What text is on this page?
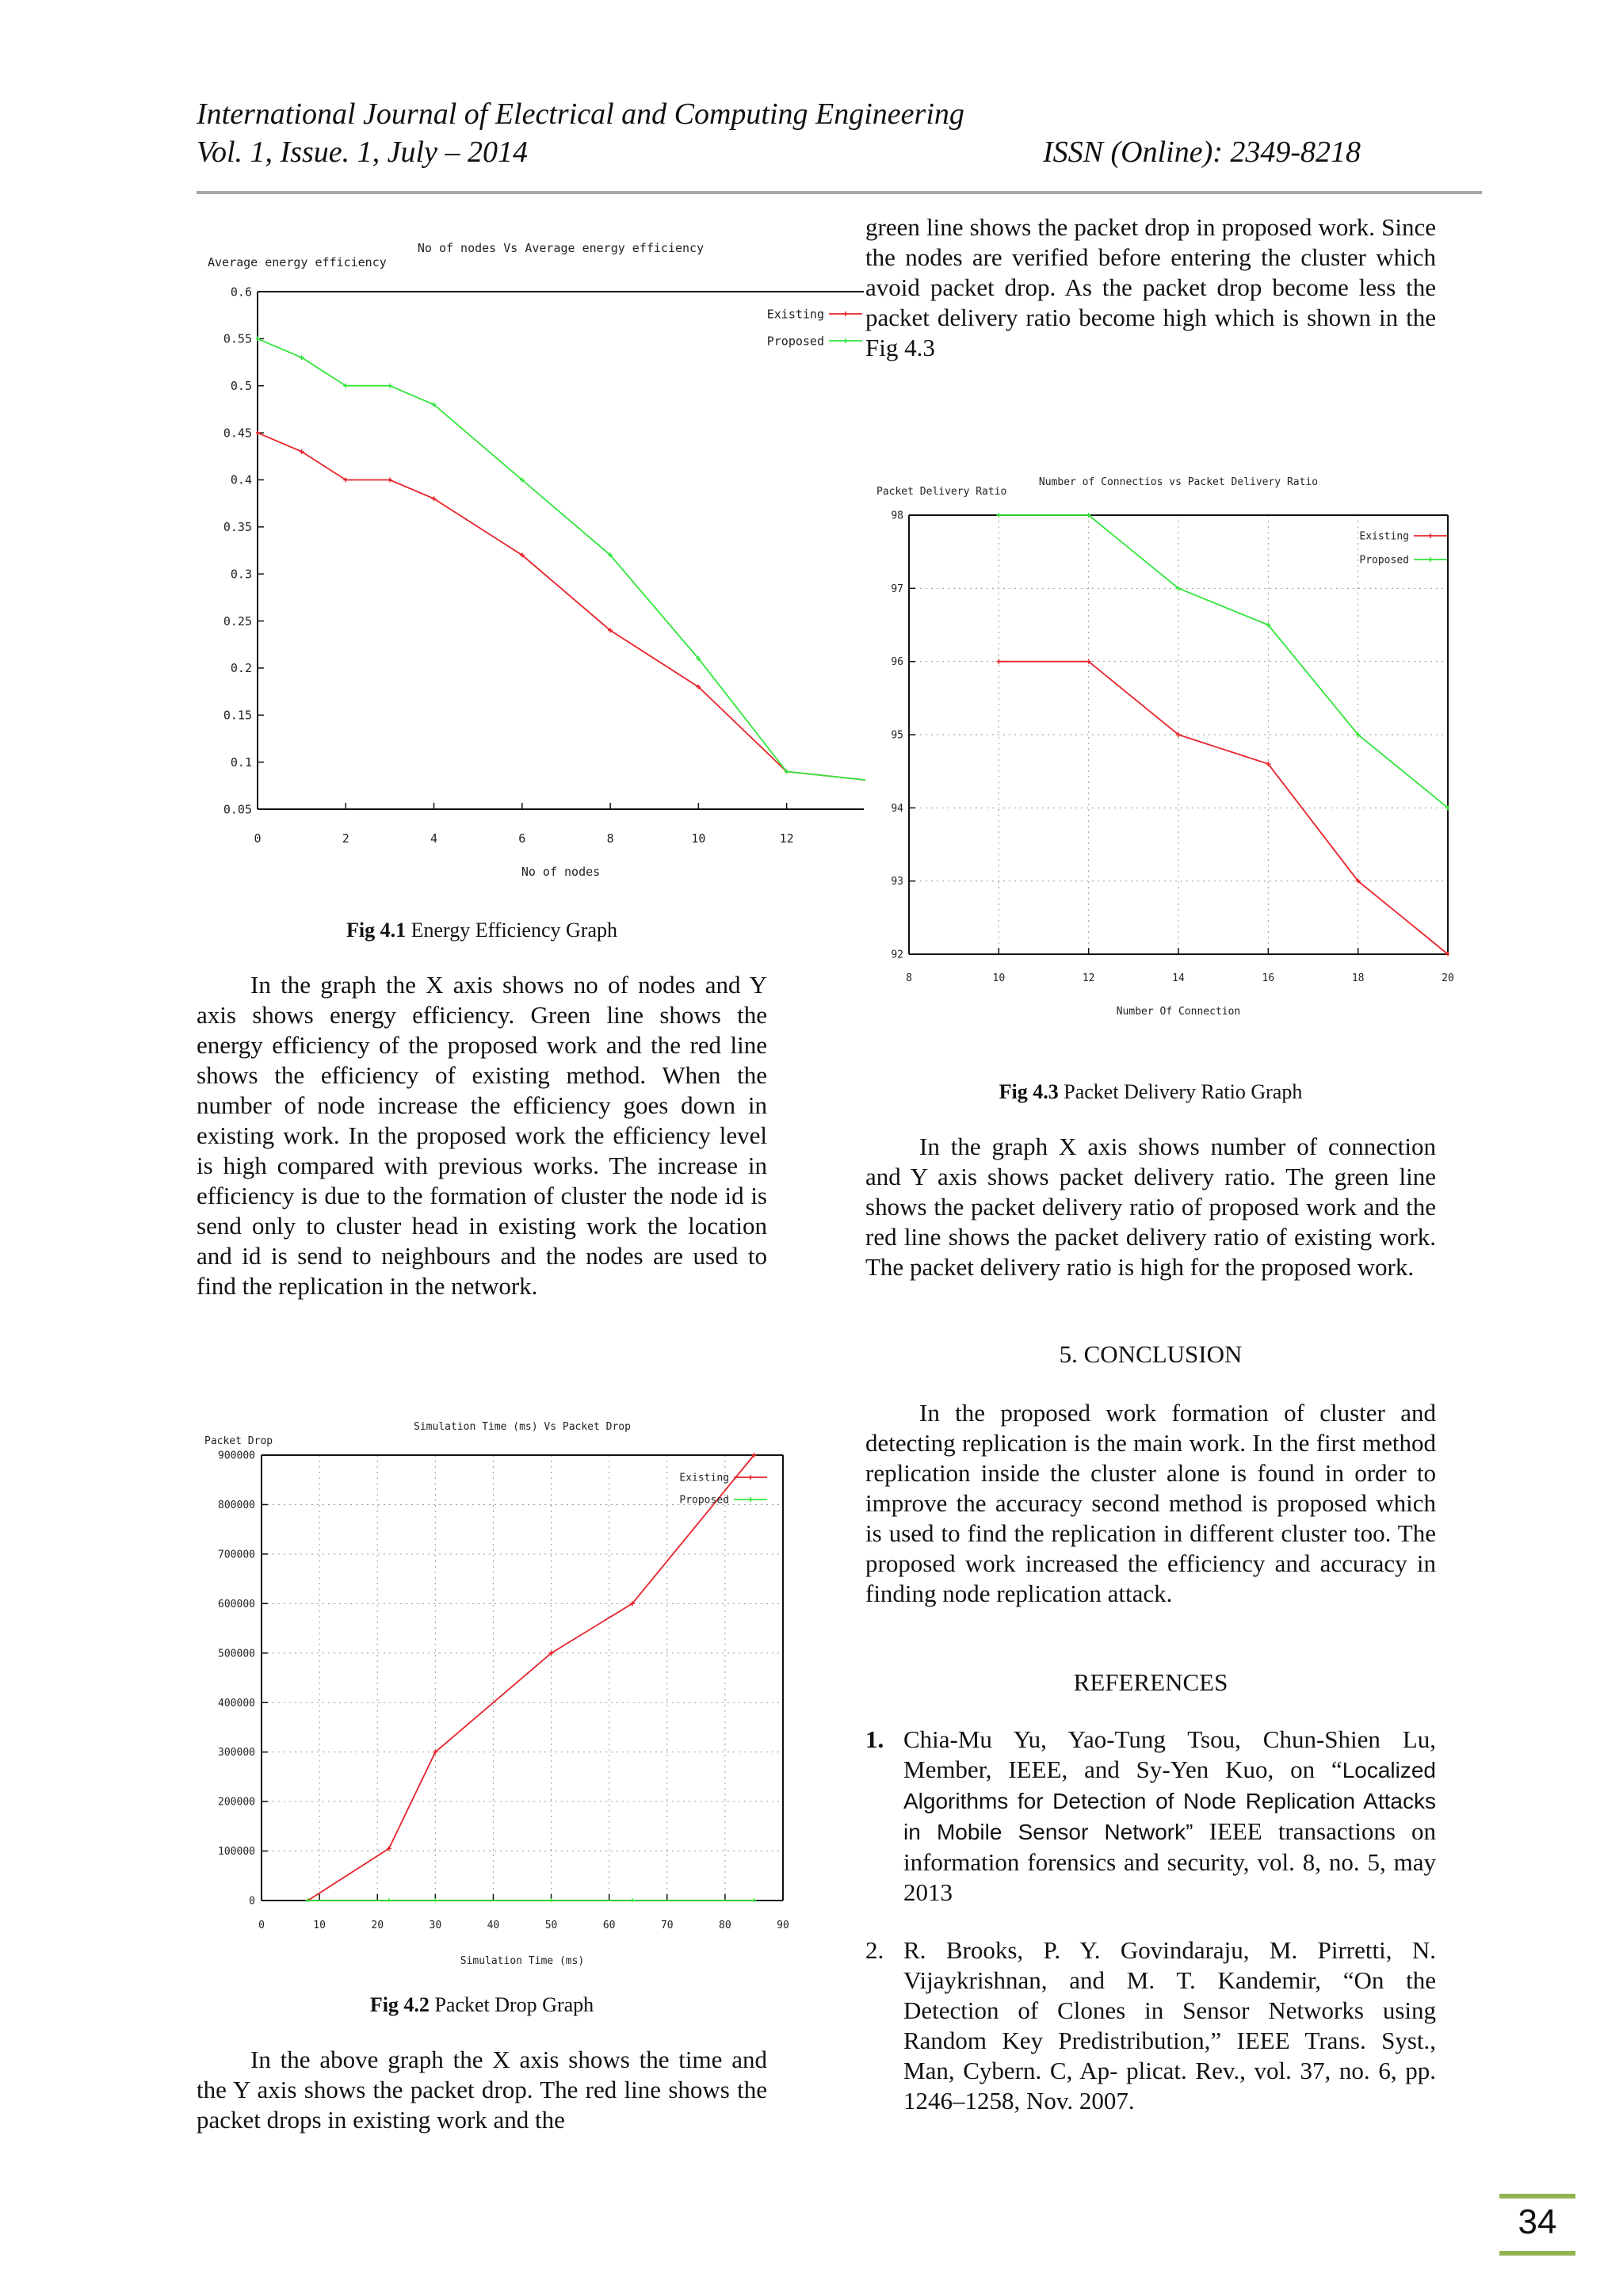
International Journal of Electrical and Computing Engineering

Vol. 1, Issue. 1, July – 2014	ISSN (Online): 2349-8218

0	2	4	6	8	10	12
0.05
0.1
0.15
0.2
0.25
0.3
0.35
0.4
0.45
0.5
0.55
0.6
No of nodes Vs Average energy efficiency
Average energy efficiency
No of nodes
Existing
Proposed

Fig 4.1 Energy Efficiency Graph

In the graph the X axis shows no of nodes and Y axis shows energy efficiency. Green line shows the energy efficiency of the proposed work and the red line shows the efficiency of existing method. When the number of node increase the efficiency goes down in existing work. In the proposed work the efficiency level is high compared with previous works. The increase in efficiency is due to the formation of cluster the node id is send only to cluster head in existing work the location and id is send to neighbours and the nodes are used to find the replication in the network.

0	10	20	30	40	50	60	70	80	90
0
100000
200000
300000
400000
500000
600000
700000
800000
900000
Simulation Time (ms) Vs Packet Drop
Packet Drop
Simulation Time (ms)
Existing
Proposed

Fig 4.2 Packet Drop Graph

In the above graph the X axis shows the time and the Y axis shows the packet drop. The red line shows the packet drops in existing work and the

green line shows the packet drop in proposed work. Since the nodes are verified before entering the cluster which avoid packet drop. As the packet drop become less the packet delivery ratio become high which is shown in the Fig 4.3

8	10	12	14	16	18	20
92
93
94
95
96
97
98
Number of Connectios vs Packet Delivery Ratio
Packet Delivery Ratio
Number Of Connection
Existing
Proposed

Fig 4.3 Packet Delivery Ratio Graph

In the graph X axis shows number of connection and Y axis shows packet delivery ratio. The green line shows the packet delivery ratio of proposed work and the red line shows the packet delivery ratio of existing work. The packet delivery ratio is high for the proposed work.

5. CONCLUSION

In the proposed work formation of cluster and detecting replication is the main work. In the first method replication inside the cluster alone is found in order to improve the accuracy second method is proposed which is used to find the replication in different cluster too. The proposed work increased the efficiency and accuracy in finding node replication attack.

REFERENCES
1. Chia-Mu Yu, Yao-Tung Tsou, Chun-Shien Lu, Member, IEEE, and Sy-Yen Kuo, on “Localized Algorithms for Detection of Node Replication Attacks in Mobile Sensor Network” IEEE transactions on information forensics and security, vol. 8, no. 5, may 2013
2. R. Brooks, P. Y. Govindaraju, M. Pirretti, N. Vijaykrishnan, and M. T. Kandemir, “On the Detection of Clones in Sensor Networks using Random Key Predistribution,” IEEE Trans. Syst., Man, Cybern. C, Ap- plicat. Rev., vol. 37, no. 6, pp. 1246–1258, Nov. 2007.
34
